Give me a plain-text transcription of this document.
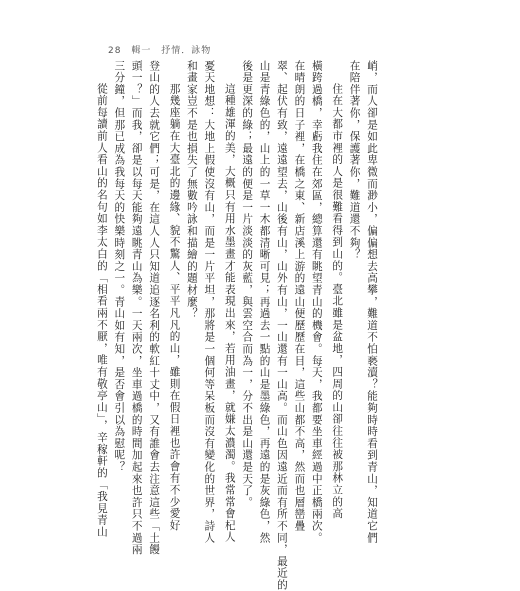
28 輯一 抒情．詠物

峭，而人卻是如此卑微而渺小，偏偏想去高攀，難道不怕褻瀆？能夠時時看到青山，知道它們

在陪伴著你，保護著你，難道還不夠？

住在大都市裡的人是很難看得到山的。臺北雖是盆地，四周的山卻往往被那林立的高

橫跨過橋，幸虧我住在郊區，總算還有眺望青山的機會。每天，我都要坐車經過中正橋兩次。

在晴朗的日子裡，在橋之東、新店溪上游的遠山便歷歷在目，這些山都不高，然而也層巒疊

翠、起伏有致，遠遠望去，山後有山，山外有山，一山還有一山高。而山色因遠近而有所不同，最近的

山是青綠色的，山上的一草一木都清晰可見；再過去一點的山是墨綠色，再遠的是灰綠色，然

後是更深的綠；最遠的便是一片淡淡的灰藍，與雲空合而為一，分不出是山還是天了。

這種雄渾的美，大概只有用水墨畫才能表現出來，若用油畫，就嫌太濃濁。我常常會杞人

憂天地想：大地上假使沒有山，而是一片平坦，那將是一個何等呆板而沒有變化的世界，詩人

和畫家豈不是也損失了無數吟詠和描繪的題材麼？

那幾座躺在大臺北的邊緣、貌不驚人、平平凡凡的山，雖則在假日裡也許會有不少愛好

登山的人去就它們；可是，在這人人只知道追逐名利的軟紅十丈中，又有誰會去注意這些「土饅

頭一？」而我，卻是以每天能夠遠眺青山為樂。一天兩次，坐車過橋的時間加起來也許只不過兩

三分鐘，但那已成為我每天的快樂時刻之一。青山如有知，是否會引以為慰呢？

從前每讀前人看山的名句如李太白的「相看兩不厭，唯有敬亭山」，辛稼軒的「我見青山
